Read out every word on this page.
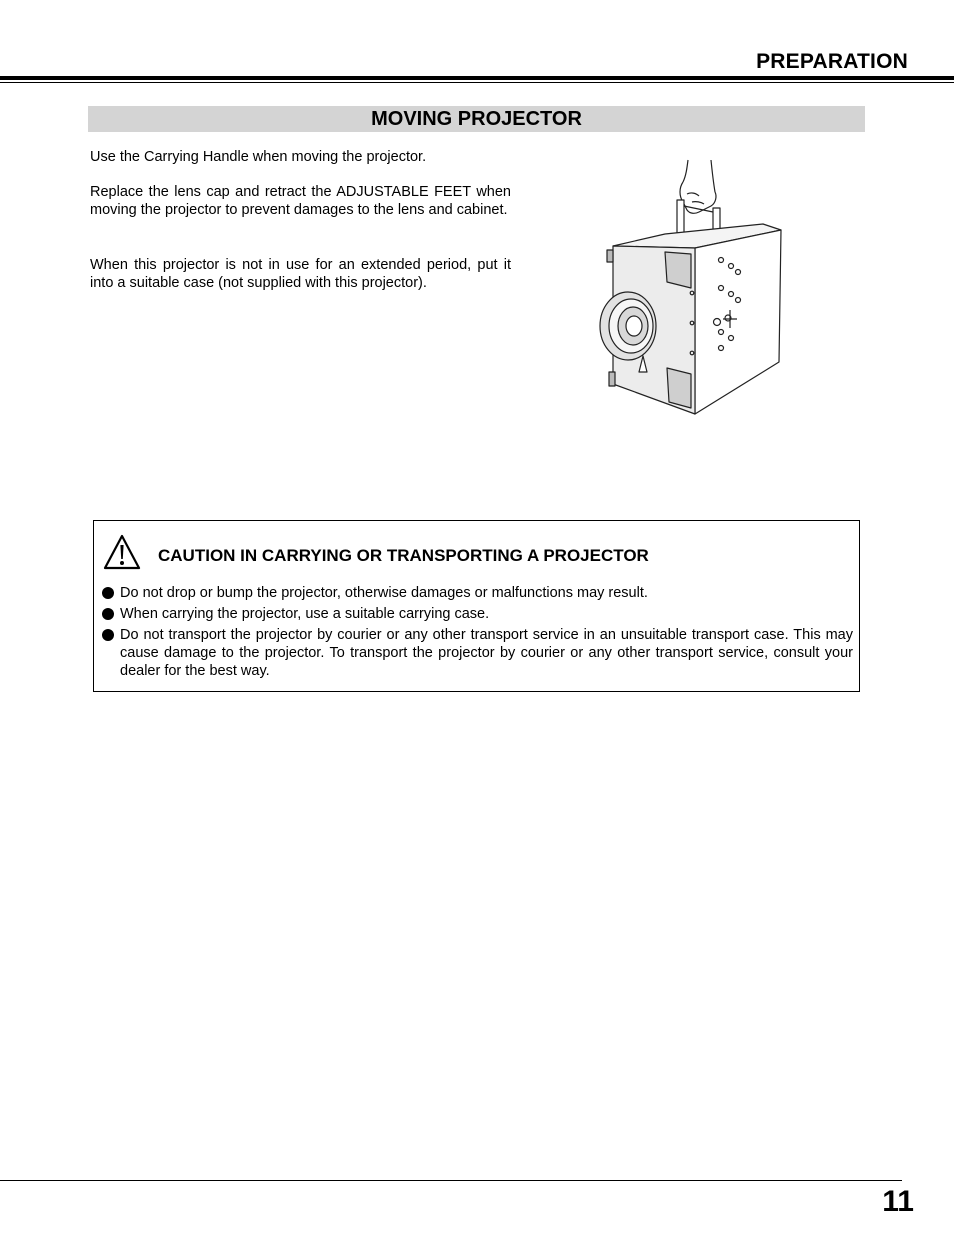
PREPARATION
MOVING PROJECTOR
Use the Carrying Handle when moving the projector.
Replace the lens cap and retract the ADJUSTABLE FEET when moving the projector to prevent damages to the lens and cabinet.
When this projector is not in use for an extended period, put it into a suitable case (not supplied with this projector).
CAUTION IN CARRYING OR TRANSPORTING A PROJECTOR
Do not drop or bump the projector, otherwise damages or malfunctions may result.
When carrying the projector, use a suitable carrying case.
Do not transport the projector by courier or any other transport service in an unsuitable transport case. This may cause damage to the projector. To transport the projector by courier or any other transport service, consult your dealer for the best way.
11
